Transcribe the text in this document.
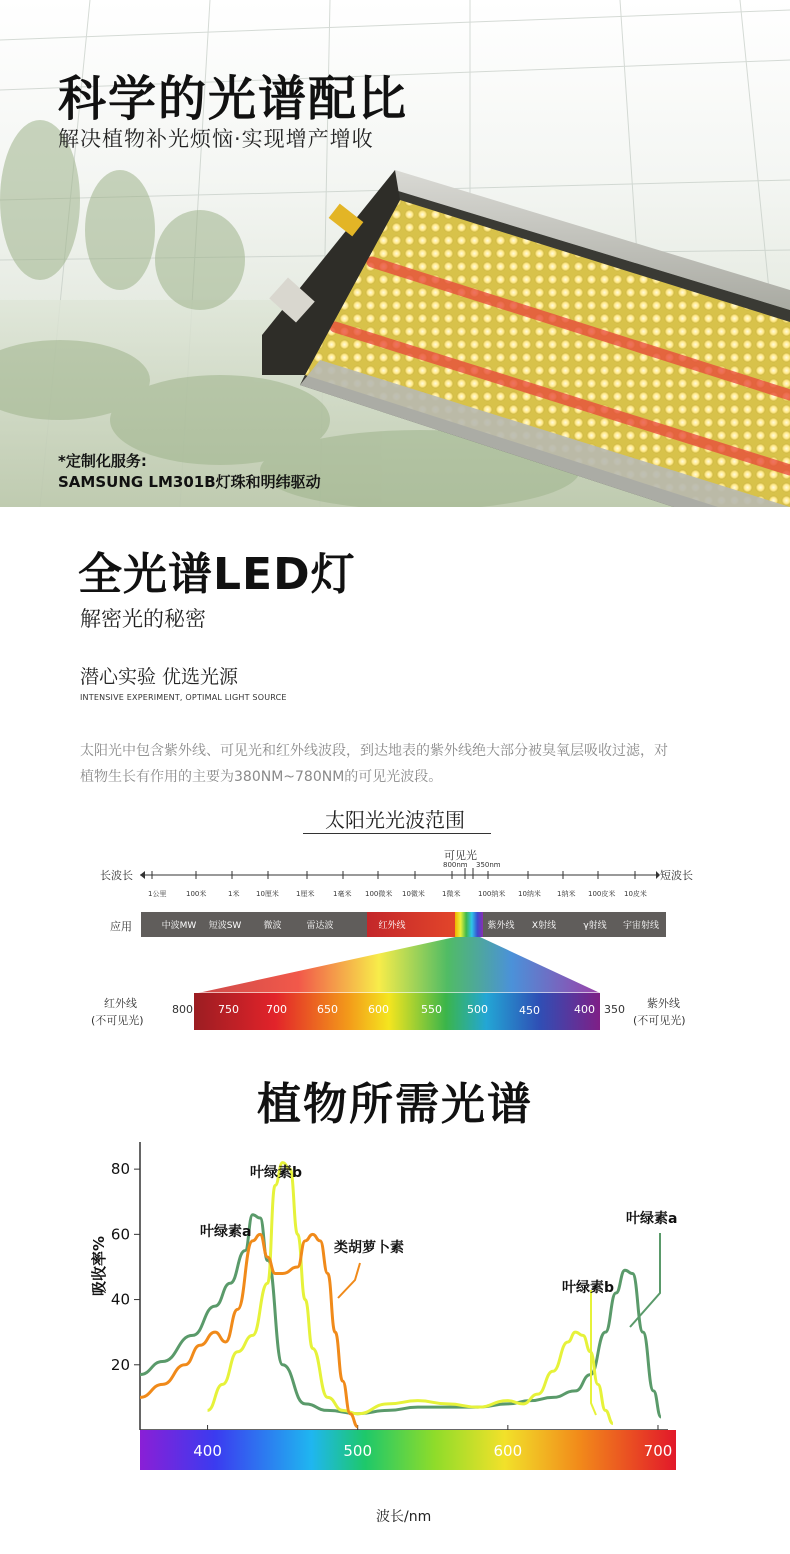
科学的光谱配比
解决植物补光烦恼·实现增产增收
*定制化服务:
SAMSUNG LM301B灯珠和明纬驱动
全光谱LED灯
解密光的秘密
潜心实验 优选光源
INTENSIVE EXPERIMENT, OPTIMAL LIGHT SOURCE
太阳光中包含紫外线、可见光和红外线波段，到达地表的紫外线绝大部分被臭氧层吸收过滤，对植物生长有作用的主要为380NM~780NM的可见光波段。
太阳光光波范围
可见光
800nm 350nm
长波长	短波长
1公里	100米	1米 10厘米 1厘米	1毫米 100微米 10微米 1微米	100纳米 10纳米 1纳米 100皮米 10皮米
应用	中波MW	短波SW	微波	雷达波	红外线	紫外线	X射线	γ射线	宇宙射线
红外线
(不可见光)
紫外线
(不可见光)
800	350
750 700	650	600	550 500	450	400
植物所需光谱
20
40
60
80
400	500	600	700
叶绿素a
叶绿素b
类胡萝卜素
叶绿素b
叶绿素a
吸收率%
波长/nm
